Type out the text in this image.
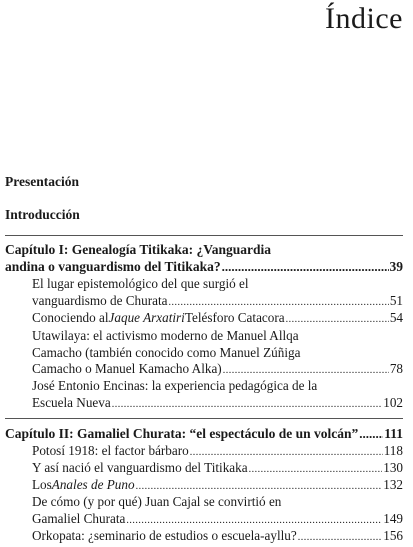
Índice
Presentación
Introducción
Capítulo I: Genealogía Titikaka: ¿Vanguardia
andina o vanguardismo del Titikaka? .....	39
El lugar epistemológico del que surgió el
vanguardismo de Churata .....	51
Conociendo al Jaque Arxatiri Telésforo Catacora .....	54
Utawilaya: el activismo moderno de Manuel Allqa
Camacho (también conocido como Manuel Zúñiga
Camacho o Manuel Kamacho Alka) .....	78
José Entonio Encinas: la experiencia pedagógica de la
Escuela Nueva .....	102
Capítulo II: Gamaliel Churata: “el espectáculo de un volcán” ..... 111
Potosí 1918: el factor bárbaro .....	118
Y así nació el vanguardismo del Titikaka .....	130
Los Anales de Puno .....	132
De cómo (y por qué) Juan Cajal se convirtió en
Gamaliel Churata .....	149
Orkopata: ¿seminario de estudios o escuela-ayllu? .....	156
